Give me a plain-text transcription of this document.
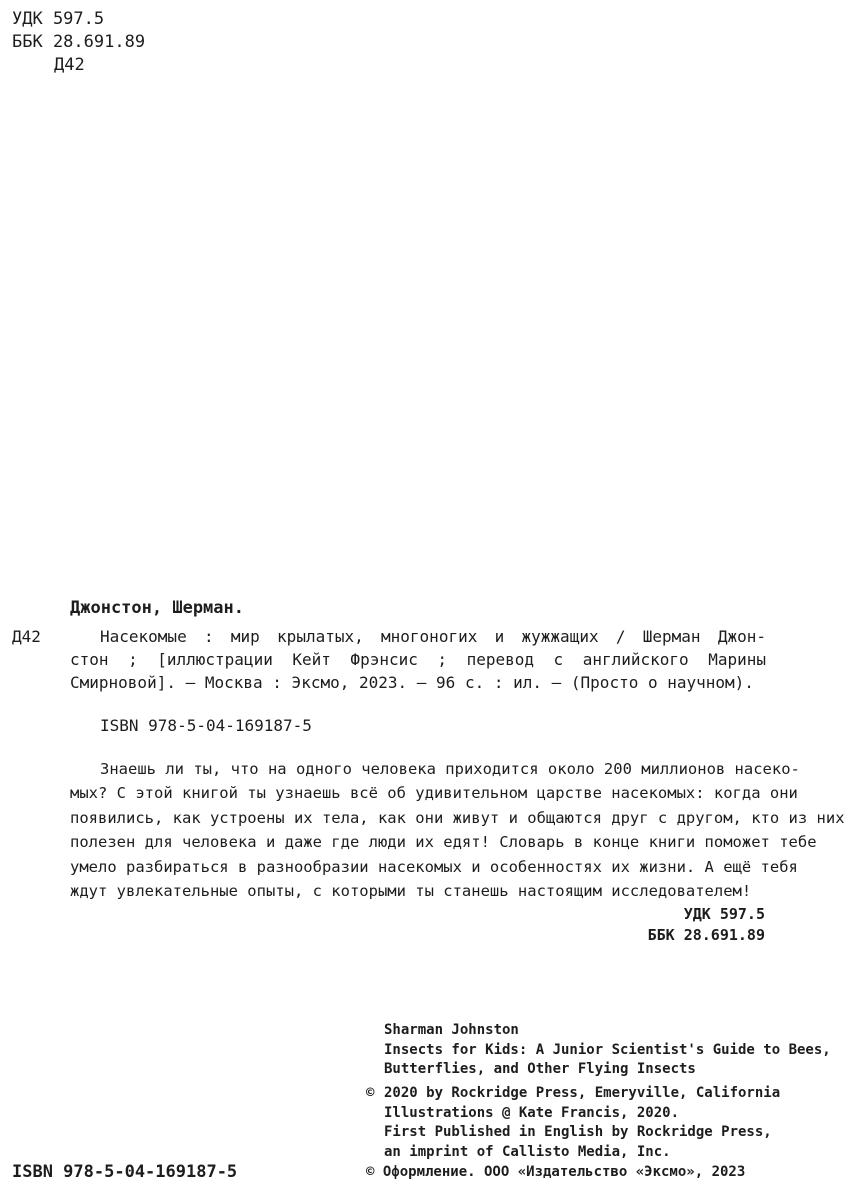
УДК 597.5
ББК 28.691.89
Д42
Джонстон, Шерман.
Д42	Насекомые : мир крылатых, многоногих и жужжащих / Шерман Джон-

стон ; [иллюстрации Кейт Фрэнсис ; перевод с английского Марины

Смирновой]. — Москва : Эксмо, 2023. — 96 с. : ил. — (Просто о научном).

ISBN 978-5-04-169187-5

Знаешь ли ты, что на одного человека приходится около 200 миллионов насеко-

мых? С этой книгой ты узнаешь всё об удивительном царстве насекомых: когда они

появились, как устроены их тела, как они живут и общаются друг с другом, кто из них

полезен для человека и даже где люди их едят! Словарь в конце книги поможет тебе

умело разбираться в разнообразии насекомых и особенностях их жизни. А ещё тебя

ждут увлекательные опыты, с которыми ты станешь настоящим исследователем!

УДК 597.5
ББК 28.691.89
Sharman Johnston
Insects for Kids: A Junior Scientist's Guide to Bees,
Butterflies, and Other Flying Insects
© 2020 by Rockridge Press, Emeryville, California
Illustrations @ Kate Francis, 2020.
First Published in English by Rockridge Press,
an imprint of Callisto Media, Inc.
ISBN 978-5-04-169187-5	© Оформление. ООО «Издательство «Эксмо», 2023
